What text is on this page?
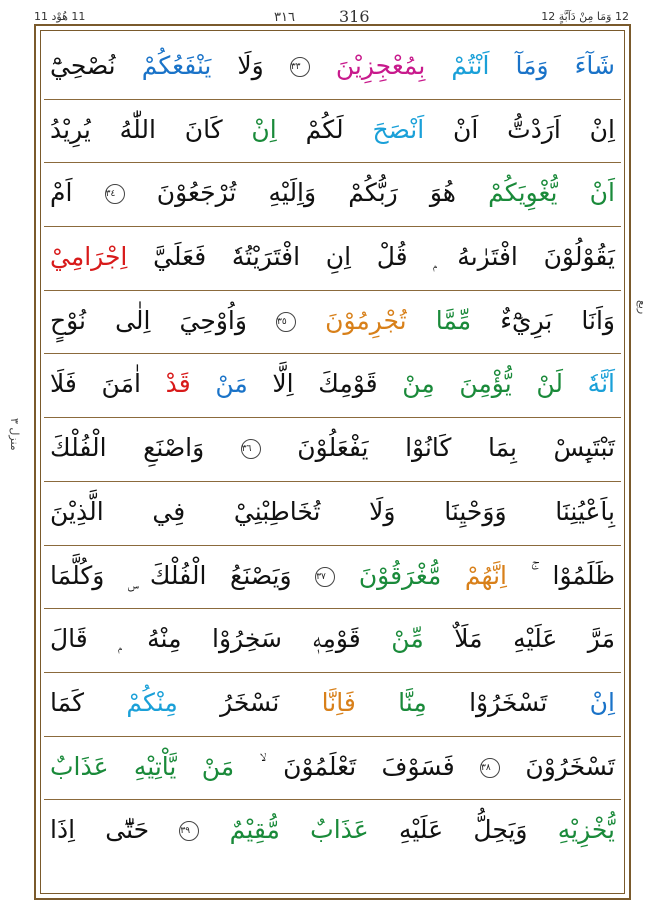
11 هُوْد 11	٣١٦	316	12 وَمَا مِنْ دَآبَّةٍ 12
شَآءَ وَمَآ اَنْتُمْ بِمُعْجِزِيْنَ ٣٣ وَلَا يَنْفَعُكُمْ نُصْحِيْٓ
اِنْ اَرَدْتُّ اَنْ اَنْصَحَ لَكُمْ اِنْ كَانَ اللّٰهُ يُرِيْدُ
اَنْ يُّغْوِيَكُمْ هُوَ رَبُّكُمْ وَاِلَيْهِ تُرْجَعُوْنَ ٣٤ اَمْ
يَقُوْلُوْنَ افْتَرٰىهُ ۭ قُلْ اِنِ افْتَرَيْتُهٗ فَعَلَيَّ اِجْرَامِيْ
وَاَنَا بَرِيْٓءٌ مِّمَّا تُجْرِمُوْنَ ٣٥ وَاُوْحِيَ اِلٰى نُوْحٍ
اَنَّهٗ لَنْ يُّؤْمِنَ مِنْ قَوْمِكَ اِلَّا مَنْ قَدْ اٰمَنَ فَلَا
تَبْتَىِٕسْ بِمَا كَانُوْا يَفْعَلُوْنَ ٣٦ وَاصْنَعِ الْفُلْكَ
بِاَعْيُنِنَا وَوَحْيِنَا وَلَا تُخَاطِبْنِيْ فِي الَّذِيْنَ
ظَلَمُوْا ۚ اِنَّهُمْ مُّغْرَقُوْنَ ٣٧ وَيَصْنَعُ الْفُلْكَ ۣ وَكُلَّمَا
مَرَّ عَلَيْهِ مَلَاٌ مِّنْ قَوْمِهٖ سَخِرُوْا مِنْهُ ۭ قَالَ
اِنْ تَسْخَرُوْا مِنَّا فَاِنَّا نَسْخَرُ مِنْكُمْ كَمَا
تَسْخَرُوْنَ ٣٨ فَسَوْفَ تَعْلَمُوْنَ ۙ مَنْ يَّاْتِيْهِ عَذَابٌ
يُّخْزِيْهِ وَيَحِلُّ عَلَيْهِ عَذَابٌ مُّقِيْمٌ ٣٩ حَتّٰٓى اِذَا
ربع
منزل ٣
